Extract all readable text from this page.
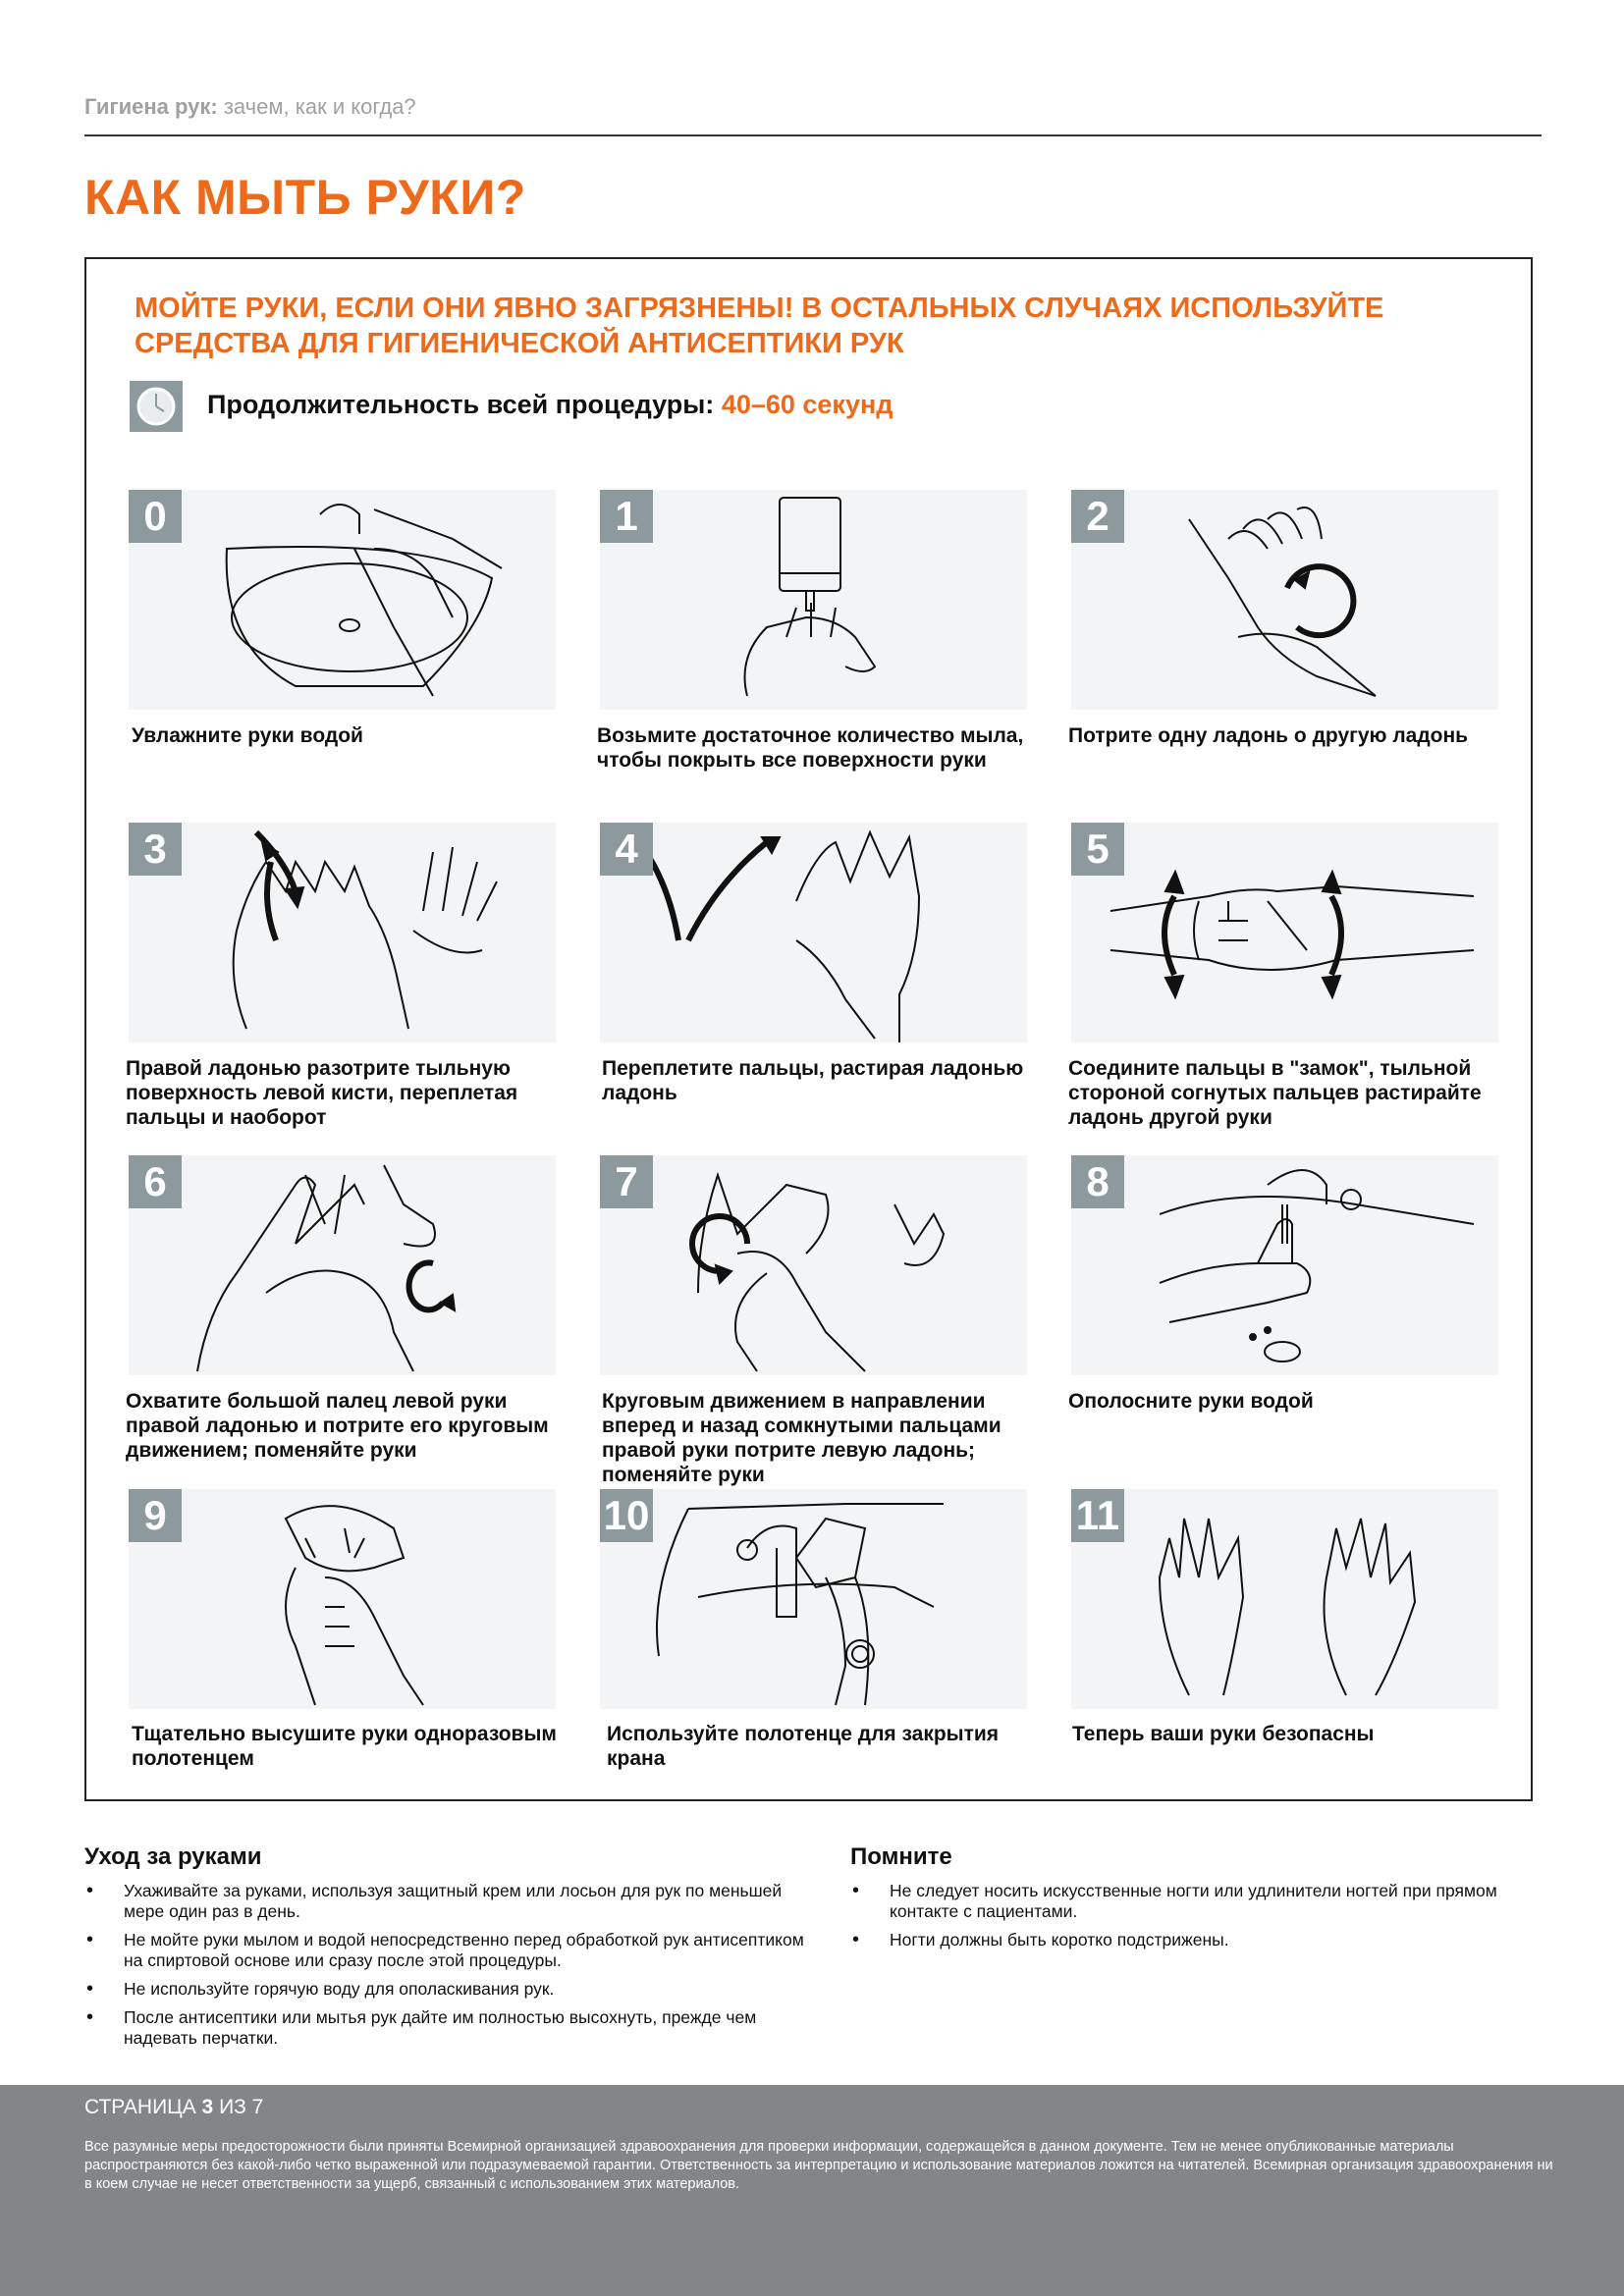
Гигиена рук: зачем, как и когда?
КАК МЫТЬ РУКИ?
МОЙТЕ РУКИ, ЕСЛИ ОНИ ЯВНО ЗАГРЯЗНЕНЫ! В ОСТАЛЬНЫХ СЛУЧАЯХ ИСПОЛЬЗУЙТЕ СРЕДСТВА ДЛЯ ГИГИЕНИЧЕСКОЙ АНТИСЕПТИКИ РУК
Продолжительность всей процедуры: 40–60 секунд
0
Увлажните руки водой
1
Возьмите достаточное количество мыла, чтобы покрыть все поверхности руки
2
Потрите одну ладонь о другую ладонь
3
Правой ладонью разотрите тыльную поверхность левой кисти, переплетая пальцы и наоборот
4
Переплетите пальцы, растирая ладонью ладонь
5
Соедините пальцы в "замок", тыльной стороной согнутых пальцев растирайте ладонь другой руки
6
Охватите большой палец левой руки правой ладонью и потрите его круговым движением; поменяйте руки
7
Круговым движением в направлении вперед и назад сомкнутыми пальцами правой руки потрите левую ладонь; поменяйте руки
8
Ополосните руки водой
9
Тщательно высушите руки одноразовым полотенцем
10
Используйте полотенце для закрытия крана
11
Теперь ваши руки безопасны
Уход за руками
• Ухаживайте за руками, используя защитный крем или лосьон для рук по меньшей мере один раз в день.
• Не мойте руки мылом и водой непосредственно перед обработкой рук антисептиком на спиртовой основе или сразу после этой процедуры.
• Не используйте горячую воду для ополаскивания рук.
• После антисептики или мытья рук дайте им полностью высохнуть, прежде чем надевать перчатки.
Помните
• Не следует носить искусственные ногти или удлинители ногтей при прямом контакте с пациентами.
• Ногти должны быть коротко подстрижены.
СТРАНИЦА 3 ИЗ 7
Все разумные меры предосторожности были приняты Всемирной организацией здравоохранения для проверки информации, содержащейся в данном документе. Тем не менее опубликованные материалы распространяются без какой-либо четко выраженной или подразумеваемой гарантии. Ответственность за интерпретацию и использование материалов ложится на читателей. Всемирная организация здравоохранения ни в коем случае не несет ответственности за ущерб, связанный с использованием этих материалов.
